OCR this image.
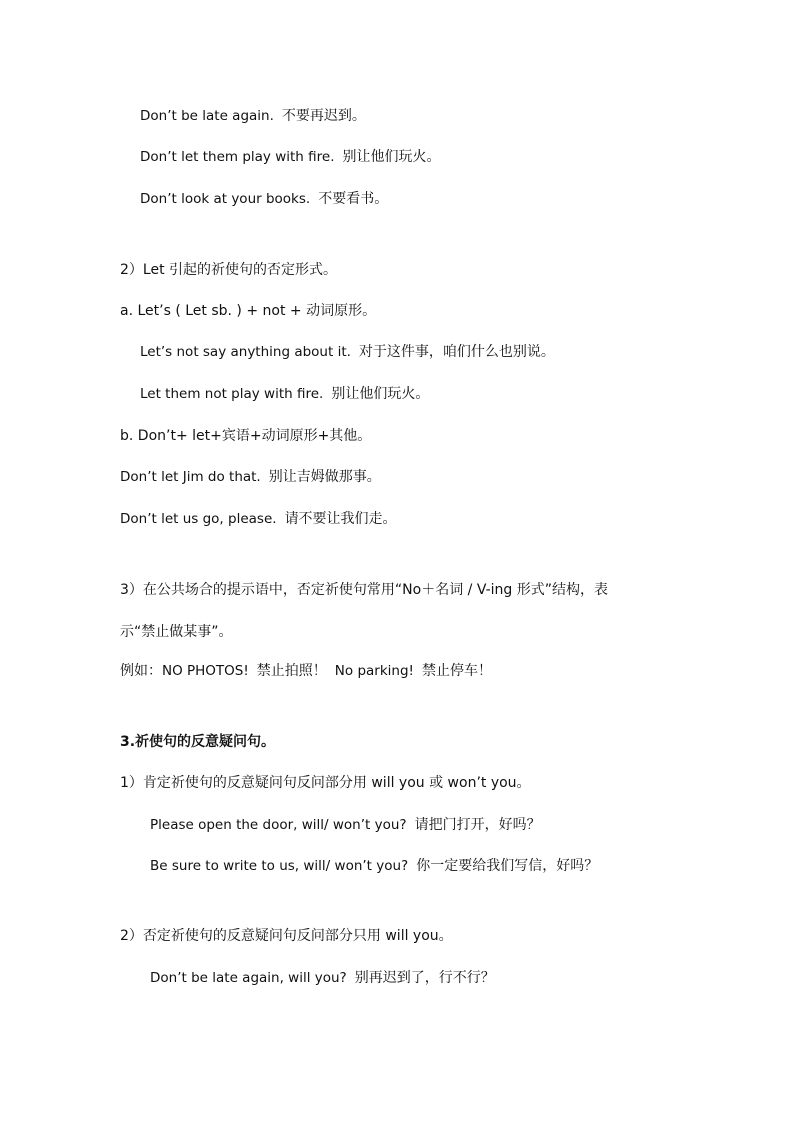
Don’t be late again. 不要再迟到。
Don’t let them play with fire. 别让他们玩火。
Don’t look at your books. 不要看书。
2）Let 引起的祈使句的否定形式。
a. Let’s ( Let sb. ) + not + 动词原形。
Let’s not say anything about it. 对于这件事，咱们什么也别说。
Let them not play with fire. 别让他们玩火。
b. Don’t+ let+宾语+动词原形+其他。
Don’t let Jim do that. 别让吉姆做那事。
Don’t let us go, please. 请不要让我们走。
3）在公共场合的提示语中，否定祈使句常用“No＋名词 / V-ing 形式”结构，表
示“禁止做某事”。
例如：NO PHOTOS! 禁止拍照！ No parking! 禁止停车！
3.祈使句的反意疑问句。
1）肯定祈使句的反意疑问句反问部分用 will you 或 won’t you。
Please open the door, will/ won’t you? 请把门打开，好吗？
Be sure to write to us, will/ won’t you? 你一定要给我们写信，好吗？
2）否定祈使句的反意疑问句反问部分只用 will you。
Don’t be late again, will you? 别再迟到了，行不行？
